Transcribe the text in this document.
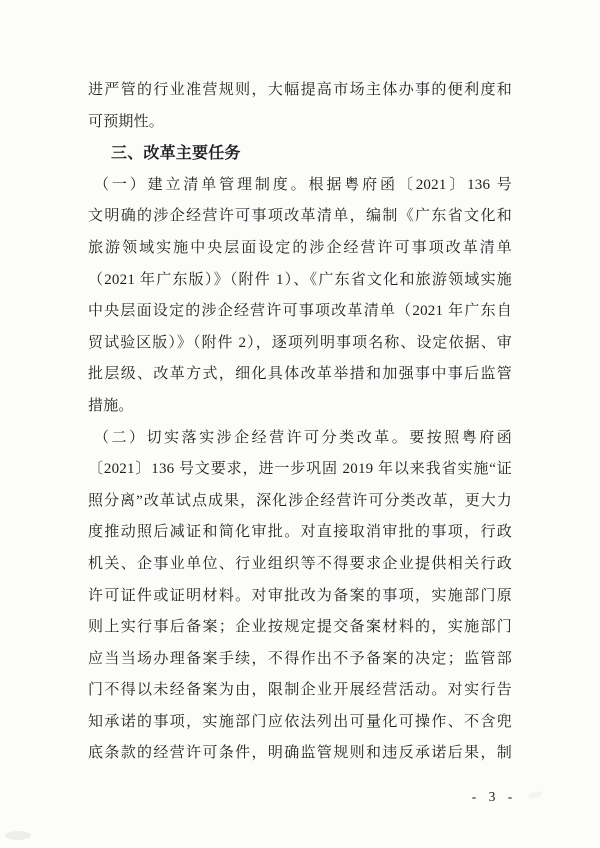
进严管的行业准营规则，大幅提高市场主体办事的便利度和
可预期性。
三、改革主要任务
（一）建立清单管理制度。根据粤府函〔2021〕136 号
文明确的涉企经营许可事项改革清单，编制《广东省文化和
旅游领域实施中央层面设定的涉企经营许可事项改革清单
（2021 年广东版）》（附件 1）、《广东省文化和旅游领域实施
中央层面设定的涉企经营许可事项改革清单（2021 年广东自
贸试验区版）》（附件 2），逐项列明事项名称、设定依据、审
批层级、改革方式，细化具体改革举措和加强事中事后监管
措施。
（二）切实落实涉企经营许可分类改革。要按照粤府函
〔2021〕136 号文要求，进一步巩固 2019 年以来我省实施“证
照分离”改革试点成果，深化涉企经营许可分类改革，更大力
度推动照后减证和简化审批。对直接取消审批的事项，行政
机关、企事业单位、行业组织等不得要求企业提供相关行政
许可证件或证明材料。对审批改为备案的事项，实施部门原
则上实行事后备案；企业按规定提交备案材料的，实施部门
应当当场办理备案手续，不得作出不予备案的决定；监管部
门不得以未经备案为由，限制企业开展经营活动。对实行告
知承诺的事项，实施部门应依法列出可量化可操作、不含兜
底条款的经营许可条件，明确监管规则和违反承诺后果，制
- 3 -
